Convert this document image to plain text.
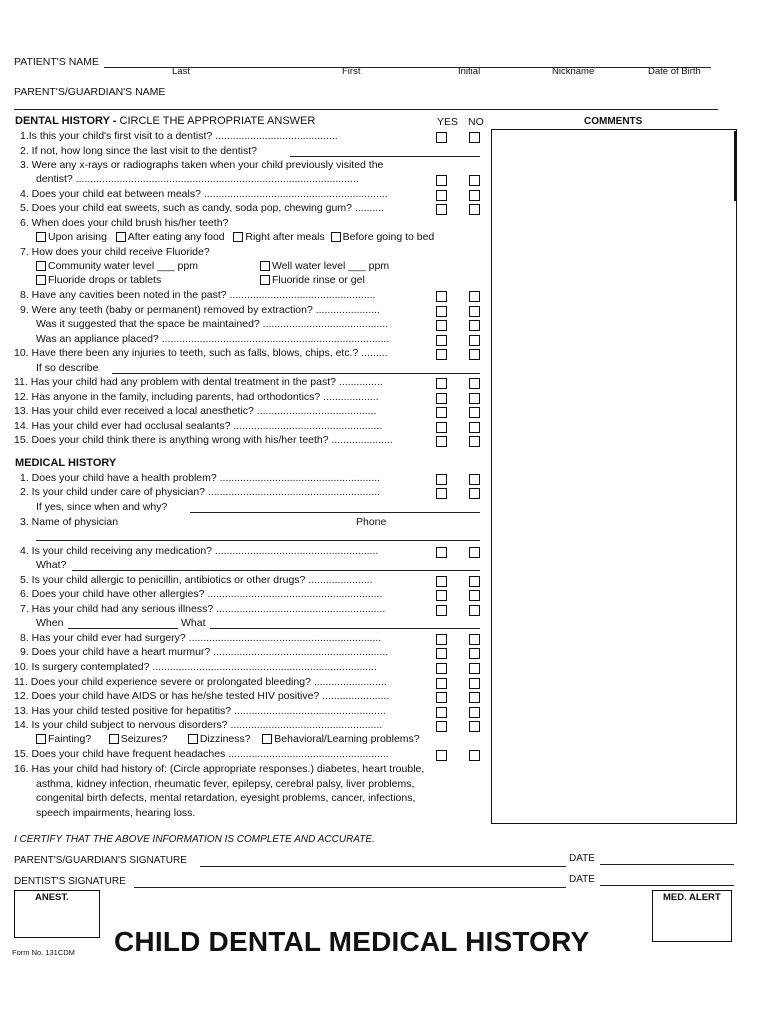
PATIENT'S NAME
Last	First	Initial	Nickname	Date of Birth
PARENT'S/GUARDIAN'S NAME
DENTAL HISTORY - CIRCLE THE APPROPRIATE ANSWER	YES NO	COMMENTS
1.Is this your child's first visit to a dentist? ..........................................
2. If not, how long since the last visit to the dentist?
3. Were any x-rays or radiographs taken when your child previously visited the
dentist? .................................................................................................
4. Does your child eat between meals? ...............................................................
5. Does your child eat sweets, such as candy, soda pop, chewing gum? ..........
6. When does your child brush his/her teeth?
Upon arising After eating any food Right after meals Before going to bed
7. How does your child receive Fluoride?
Community water level ___ ppm	Well water level ___ ppm
Fluoride drops or tablets	Fluoride rinse or gel
8. Have any cavities been noted in the past? ..................................................
9. Were any teeth (baby or permanent) removed by extraction? ......................
Was it suggested that the space be maintained? ...........................................
Was an appliance placed? ..............................................................................
10. Have there been any injuries to teeth, such as falls, blows, chips, etc.? .........
If so describe
11. Has your child had any problem with dental treatment in the past? ...............
12. Has anyone in the family, including parents, had orthodontics? ...................
13. Has your child ever received a local anesthetic? .........................................
14. Has your child ever had occlusal sealants? ...................................................
15. Does your child think there is anything wrong with his/her teeth? .....................
MEDICAL HISTORY
1. Does your child have a health problem? .......................................................
2. Is your child under care of physician? ...........................................................
If yes, since when and why?
3. Name of physician	Phone
4. Is your child receiving any medication? ........................................................
What?
5. Is your child allergic to penicillin, antibiotics or other drugs? ......................
6. Does your child have other allergies? ............................................................
7. Has your child had any serious illness? ..........................................................
When	What
8. Has your child ever had surgery? ..................................................................
9. Does your child have a heart murmur? ............................................................
10. Is surgery contemplated? .............................................................................
11. Does your child experience severe or prolongated bleeding? .........................
12. Does your child have AIDS or has he/she tested HIV positive? .......................
13. Has your child tested positive for hepatitis? ....................................................
14. Is your child subject to nervous disorders? ....................................................
Fainting?	Seizures?	Dizziness? Behavioral/Learning problems?
15. Does your child have frequent headaches .......................................................
16. Has your child had history of: (Circle appropriate responses.) diabetes, heart trouble,
asthma, kidney infection, rheumatic fever, epilepsy, cerebral palsy, liver problems,
congenital birth defects, mental retardation, eyesight problems, cancer, infections,
speech impairments, hearing loss.
I CERTIFY THAT THE ABOVE INFORMATION IS COMPLETE AND ACCURATE.
PARENT'S/GUARDIAN'S SIGNATURE	DATE
DENTIST'S SIGNATURE	DATE
ANEST.	MED. ALERT
Form No. 131CDM CHILD DENTAL MEDICAL HISTORY
